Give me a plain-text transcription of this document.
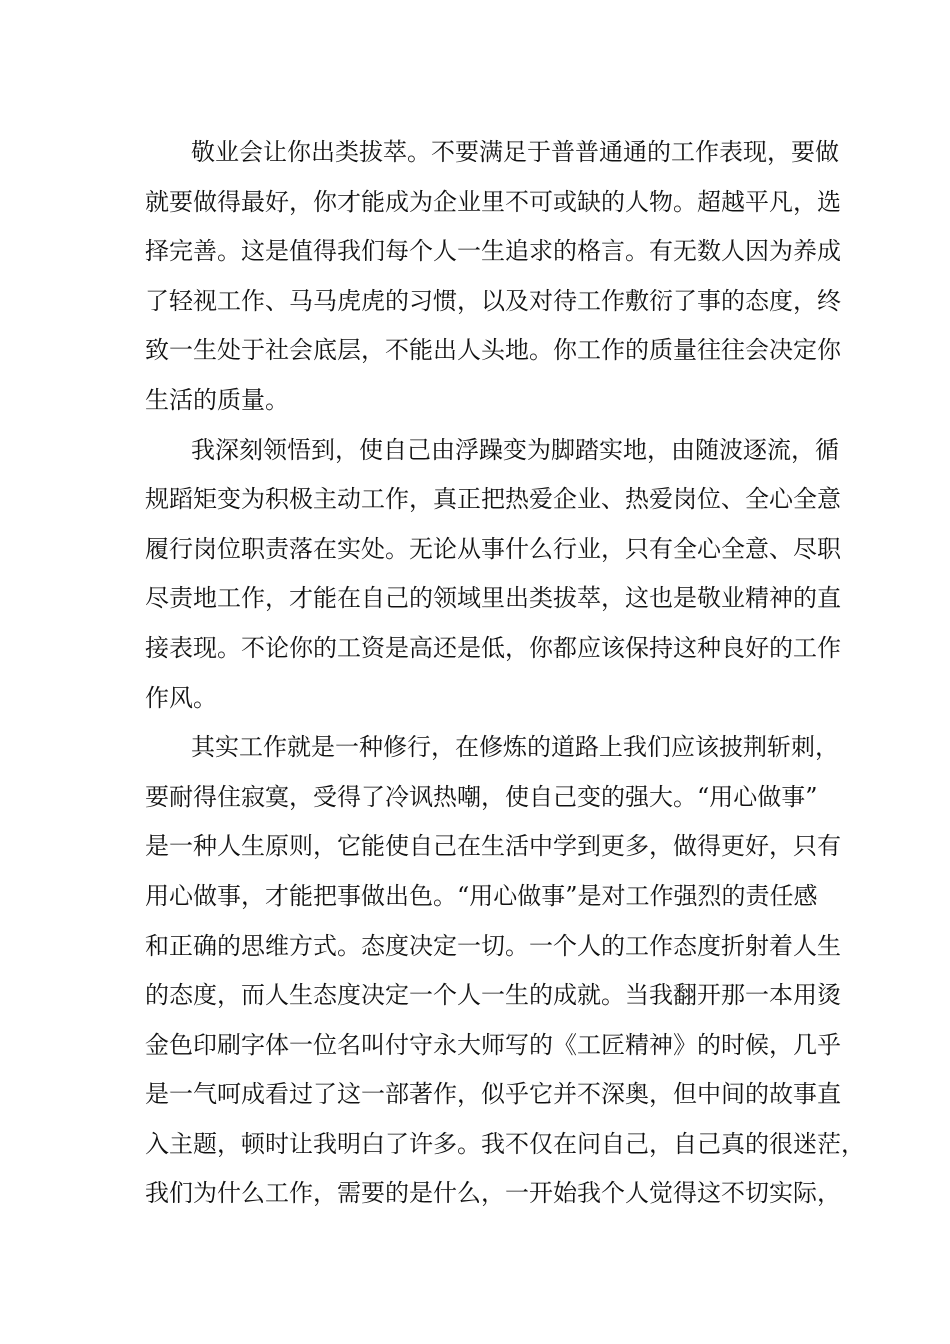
敬业会让你出类拔萃。不要满足于普普通通的工作表现，要做
就要做得最好，你才能成为企业里不可或缺的人物。超越平凡，选
择完善。这是值得我们每个人一生追求的格言。有无数人因为养成
了轻视工作、马马虎虎的习惯，以及对待工作敷衍了事的态度，终
致一生处于社会底层，不能出人头地。你工作的质量往往会决定你
生活的质量。
我深刻领悟到，使自己由浮躁变为脚踏实地，由随波逐流，循
规蹈矩变为积极主动工作，真正把热爱企业、热爱岗位、全心全意
履行岗位职责落在实处。无论从事什么行业，只有全心全意、尽职
尽责地工作，才能在自己的领域里出类拔萃，这也是敬业精神的直
接表现。不论你的工资是高还是低，你都应该保持这种良好的工作
作风。
其实工作就是一种修行，在修炼的道路上我们应该披荆斩刺，
要耐得住寂寞，受得了冷讽热嘲，使自己变的强大。“用心做事”
是一种人生原则，它能使自己在生活中学到更多，做得更好，只有
用心做事，才能把事做出色。“用心做事”是对工作强烈的责任感
和正确的思维方式。态度决定一切。一个人的工作态度折射着人生
的态度，而人生态度决定一个人一生的成就。当我翻开那一本用烫
金色印刷字体一位名叫付守永大师写的《工匠精神》的时候，几乎
是一气呵成看过了这一部著作，似乎它并不深奥，但中间的故事直
入主题，顿时让我明白了许多。我不仅在问自己，自己真的很迷茫，
我们为什么工作，需要的是什么，一开始我个人觉得这不切实际，
